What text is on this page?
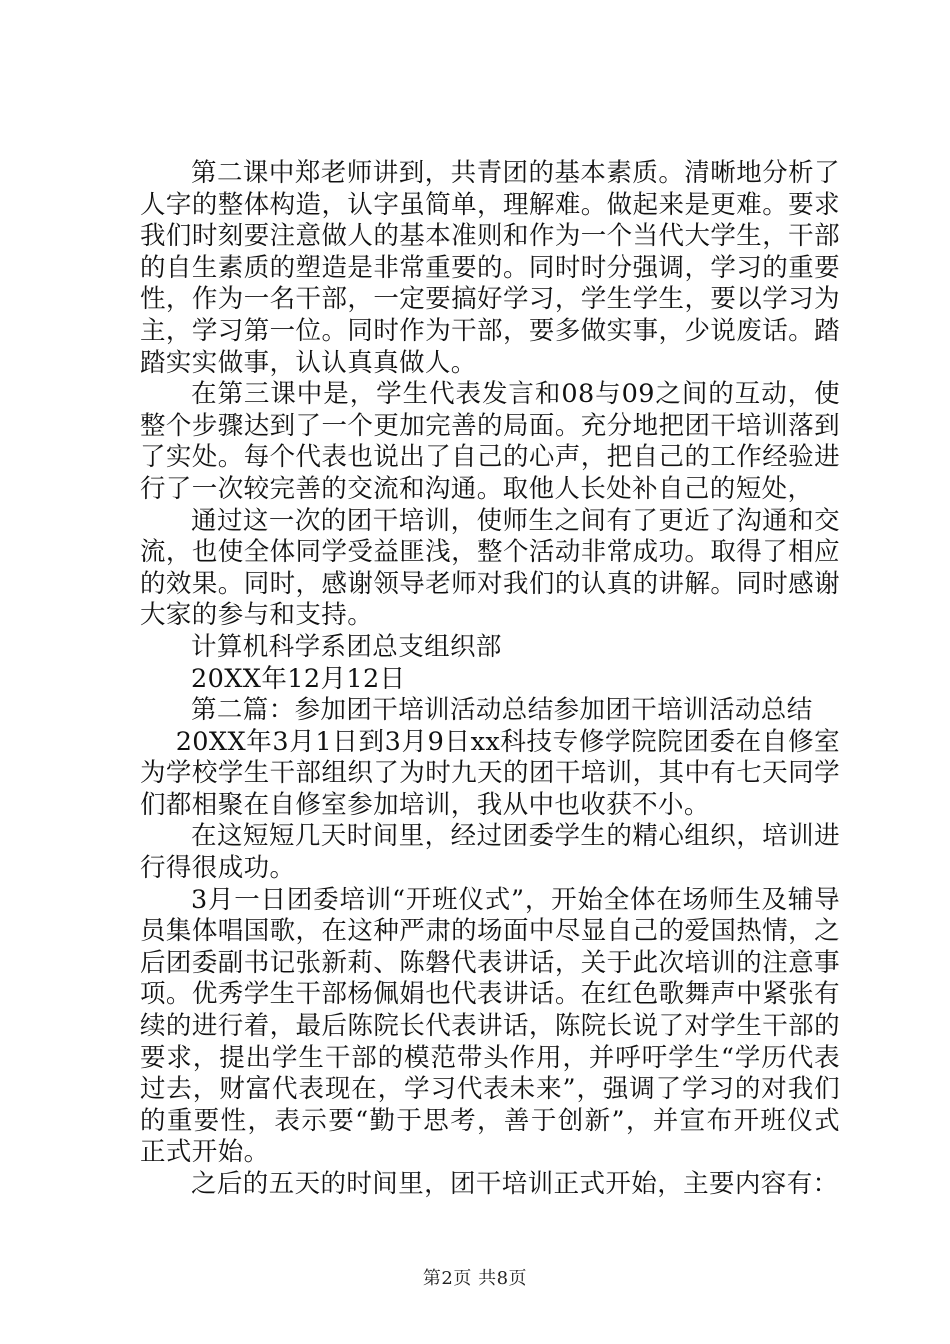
第二课中郑老师讲到，共青团的基本素质。清晰地分析了人字的整体构造，认字虽简单，理解难。做起来是更难。要求我们时刻要注意做人的基本准则和作为一个当代大学生，干部的自生素质的塑造是非常重要的。同时时分强调，学习的重要性，作为一名干部，一定要搞好学习，学生学生，要以学习为主，学习第一位。同时作为干部，要多做实事，少说废话。踏踏实实做事，认认真真做人。

在第三课中是，学生代表发言和08与09之间的互动，使整个步骤达到了一个更加完善的局面。充分地把团干培训落到了实处。每个代表也说出了自己的心声，把自己的工作经验进行了一次较完善的交流和沟通。取他人长处补自己的短处，

通过这一次的团干培训，使师生之间有了更近了沟通和交流，也使全体同学受益匪浅，整个活动非常成功。取得了相应的效果。同时，感谢领导老师对我们的认真的讲解。同时感谢大家的参与和支持。

计算机科学系团总支组织部

20XX年12月12日

第二篇：参加团干培训活动总结参加团干培训活动总结

20XX年3月1日到3月9日xx科技专修学院院团委在自修室为学校学生干部组织了为时九天的团干培训，其中有七天同学们都相聚在自修室参加培训，我从中也收获不小。

在这短短几天时间里，经过团委学生的精心组织，培训进行得很成功。

3月一日团委培训“开班仪式”，开始全体在场师生及辅导员集体唱国歌，在这种严肃的场面中尽显自己的爱国热情，之后团委副书记张新莉、陈磐代表讲话，关于此次培训的注意事项。优秀学生干部杨佩娟也代表讲话。在红色歌舞声中紧张有续的进行着，最后陈院长代表讲话，陈院长说了对学生干部的要求，提出学生干部的模范带头作用，并呼吁学生“学历代表过去，财富代表现在，学习代表未来”，强调了学习的对我们的重要性，表示要“勤于思考，善于创新”，并宣布开班仪式正式开始。

之后的五天的时间里，团干培训正式开始，主要内容有：

第2页 共8页
